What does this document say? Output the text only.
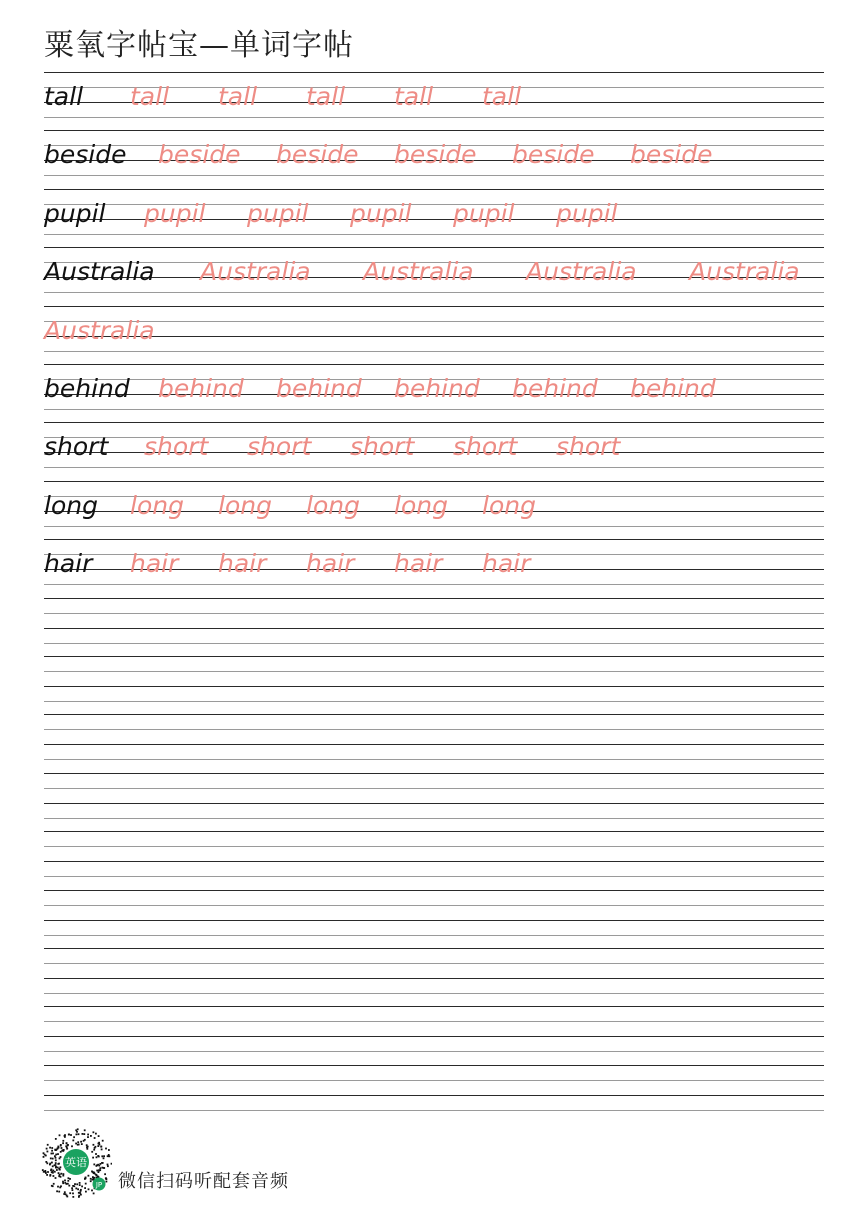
粟氧字帖宝—单词字帖
tall tall tall tall tall tall
beside beside beside beside beside beside
pupil pupil pupil pupil pupil pupil
Australia Australia Australia Australia Australia
Australia
behind behind behind behind behind behind
short short short short short short
long long long long long long
hair hair hair hair hair hair
英语
JP 微信扫码听配套音频
